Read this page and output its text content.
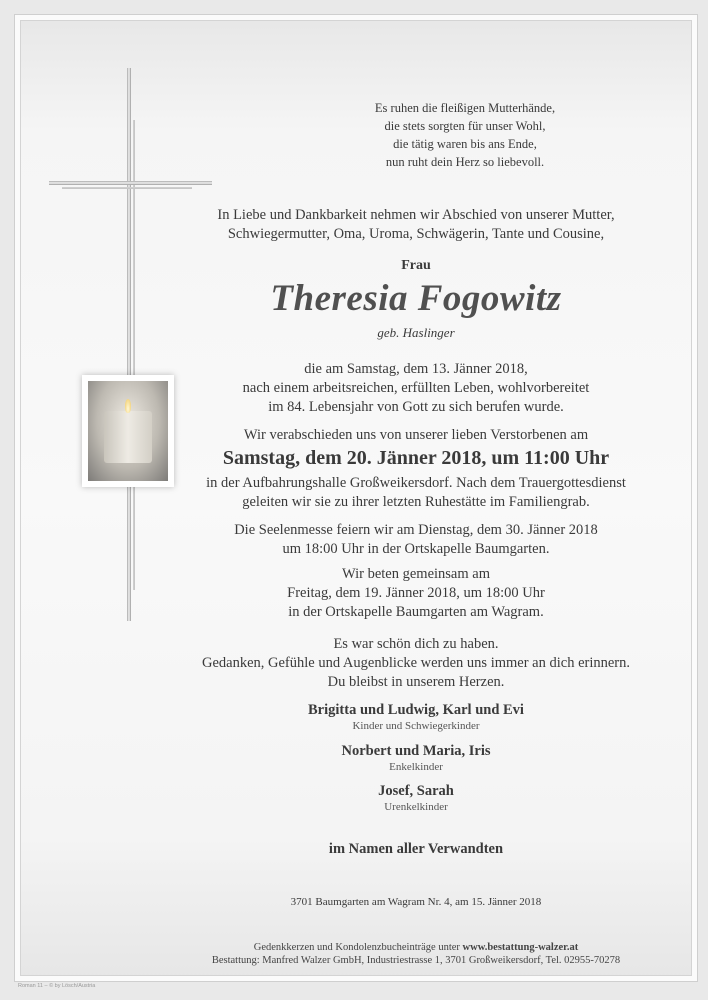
Es ruhen die fleißigen Mutterhände,
die stets sorgten für unser Wohl,
die tätig waren bis ans Ende,
nun ruht dein Herz so liebevoll.
In Liebe und Dankbarkeit nehmen wir Abschied von unserer Mutter,
Schwiegermutter, Oma, Uroma, Schwägerin, Tante und Cousine,
Frau
Theresia Fogowitz
geb. Haslinger
die am Samstag, dem 13. Jänner 2018,
nach einem arbeitsreichen, erfüllten Leben, wohlvorbereitet
im 84. Lebensjahr von Gott zu sich berufen wurde.
Wir verabschieden uns von unserer lieben Verstorbenen am
Samstag, dem 20. Jänner 2018, um 11:00 Uhr
in der Aufbahrungshalle Großweikersdorf. Nach dem Trauergottesdienst
geleiten wir sie zu ihrer letzten Ruhestätte im Familiengrab.
Die Seelenmesse feiern wir am Dienstag, dem 30. Jänner 2018
um 18:00 Uhr in der Ortskapelle Baumgarten.
Wir beten gemeinsam am
Freitag, dem 19. Jänner 2018, um 18:00 Uhr
in der Ortskapelle Baumgarten am Wagram.
Es war schön dich zu haben.
Gedanken, Gefühle und Augenblicke werden uns immer an dich erinnern.
Du bleibst in unserem Herzen.
Brigitta und Ludwig, Karl und Evi
Kinder und Schwiegerkinder
Norbert und Maria, Iris
Enkelkinder
Josef, Sarah
Urenkelkinder
im Namen aller Verwandten
3701 Baumgarten am Wagram Nr. 4, am 15. Jänner 2018
Gedenkkerzen und Kondolenzbucheinträge unter www.bestattung-walzer.at
Bestattung: Manfred Walzer GmbH, Industriestrasse 1, 3701 Großweikersdorf, Tel. 02955-70278
Roman 11 – © by Lösch/Austria
